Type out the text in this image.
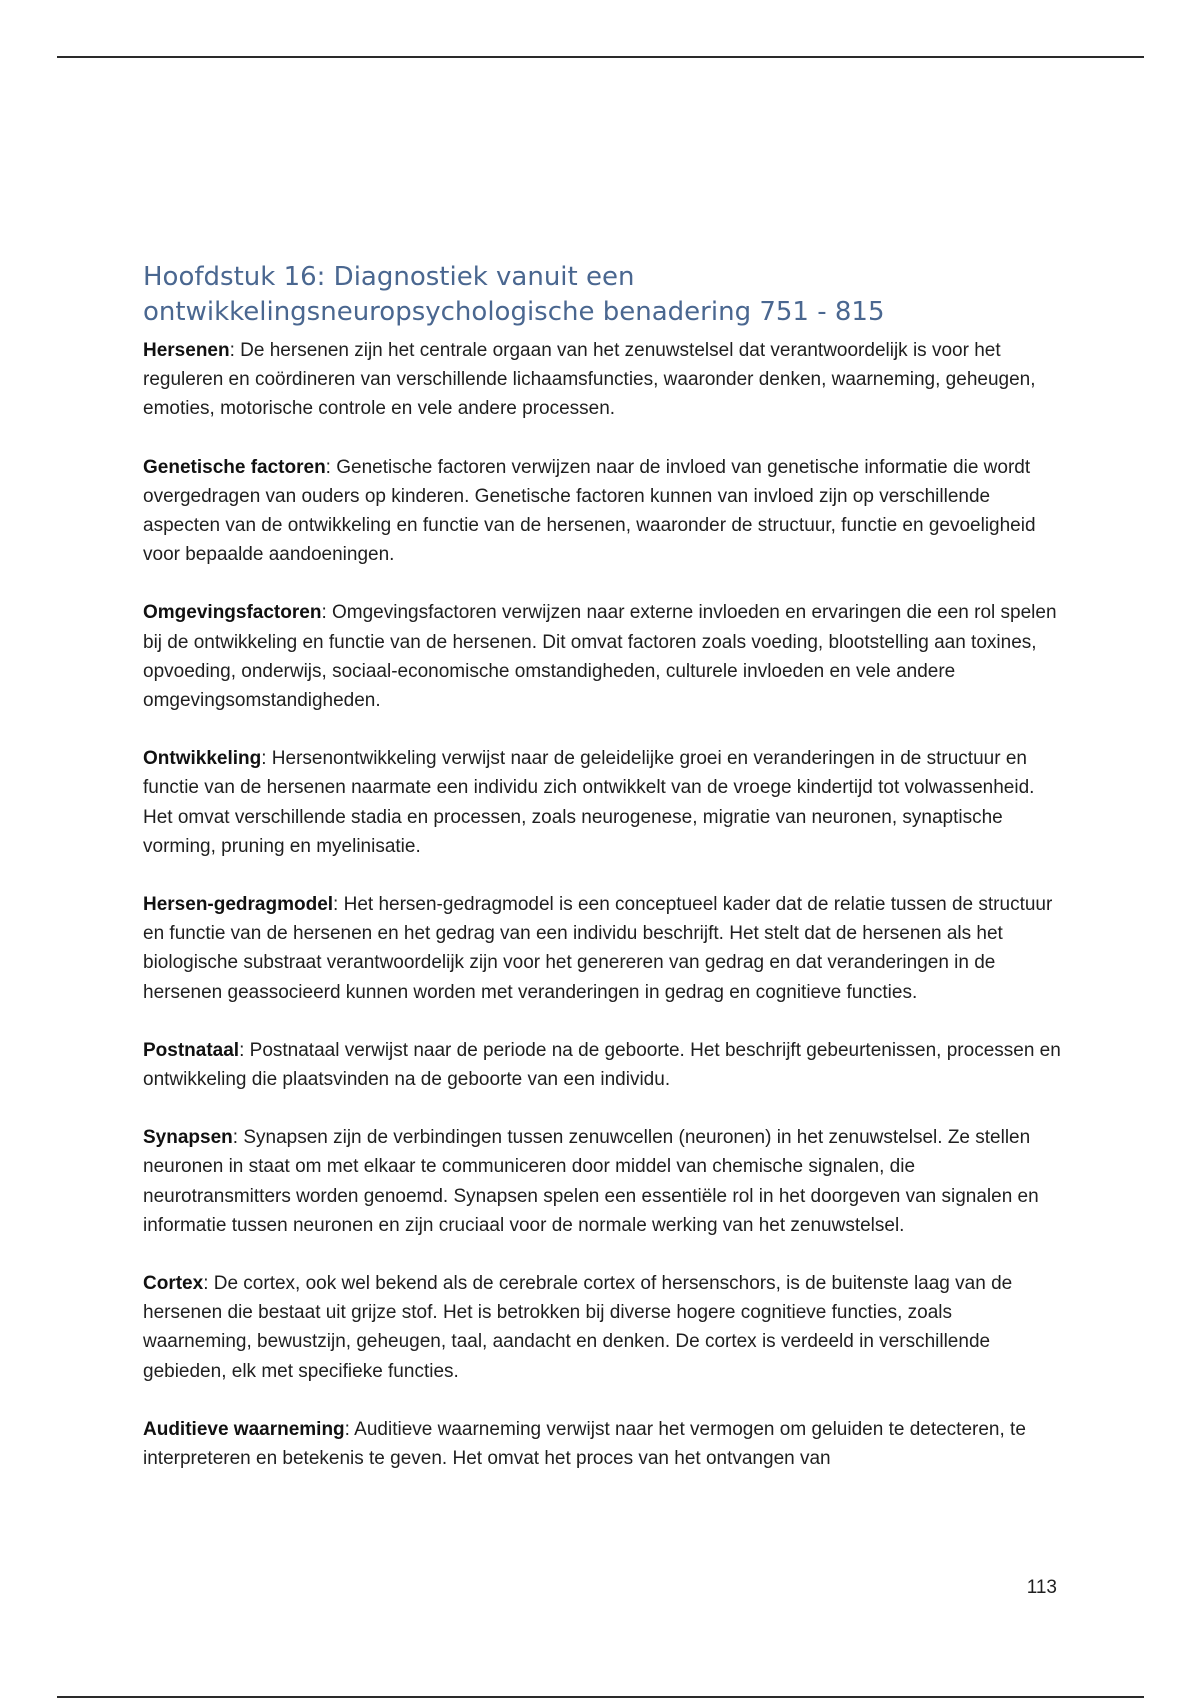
Hoofdstuk 16: Diagnostiek vanuit een ontwikkelingsneuropsychologische benadering 751 - 815

Hersenen: De hersenen zijn het centrale orgaan van het zenuwstelsel dat verantwoordelijk is voor het reguleren en coördineren van verschillende lichaamsfuncties, waaronder denken, waarneming, geheugen, emoties, motorische controle en vele andere processen.

Genetische factoren: Genetische factoren verwijzen naar de invloed van genetische informatie die wordt overgedragen van ouders op kinderen. Genetische factoren kunnen van invloed zijn op verschillende aspecten van de ontwikkeling en functie van de hersenen, waaronder de structuur, functie en gevoeligheid voor bepaalde aandoeningen.

Omgevingsfactoren: Omgevingsfactoren verwijzen naar externe invloeden en ervaringen die een rol spelen bij de ontwikkeling en functie van de hersenen. Dit omvat factoren zoals voeding, blootstelling aan toxines, opvoeding, onderwijs, sociaal-economische omstandigheden, culturele invloeden en vele andere omgevingsomstandigheden.

Ontwikkeling: Hersenontwikkeling verwijst naar de geleidelijke groei en veranderingen in de structuur en functie van de hersenen naarmate een individu zich ontwikkelt van de vroege kindertijd tot volwassenheid. Het omvat verschillende stadia en processen, zoals neurogenese, migratie van neuronen, synaptische vorming, pruning en myelinisatie.

Hersen-gedragmodel: Het hersen-gedragmodel is een conceptueel kader dat de relatie tussen de structuur en functie van de hersenen en het gedrag van een individu beschrijft. Het stelt dat de hersenen als het biologische substraat verantwoordelijk zijn voor het genereren van gedrag en dat veranderingen in de hersenen geassocieerd kunnen worden met veranderingen in gedrag en cognitieve functies.

Postnataal: Postnataal verwijst naar de periode na de geboorte. Het beschrijft gebeurtenissen, processen en ontwikkeling die plaatsvinden na de geboorte van een individu.

Synapsen: Synapsen zijn de verbindingen tussen zenuwcellen (neuronen) in het zenuwstelsel. Ze stellen neuronen in staat om met elkaar te communiceren door middel van chemische signalen, die neurotransmitters worden genoemd. Synapsen spelen een essentiële rol in het doorgeven van signalen en informatie tussen neuronen en zijn cruciaal voor de normale werking van het zenuwstelsel.

Cortex: De cortex, ook wel bekend als de cerebrale cortex of hersenschors, is de buitenste laag van de hersenen die bestaat uit grijze stof. Het is betrokken bij diverse hogere cognitieve functies, zoals waarneming, bewustzijn, geheugen, taal, aandacht en denken. De cortex is verdeeld in verschillende gebieden, elk met specifieke functies.

Auditieve waarneming: Auditieve waarneming verwijst naar het vermogen om geluiden te detecteren, te interpreteren en betekenis te geven. Het omvat het proces van het ontvangen van

113
